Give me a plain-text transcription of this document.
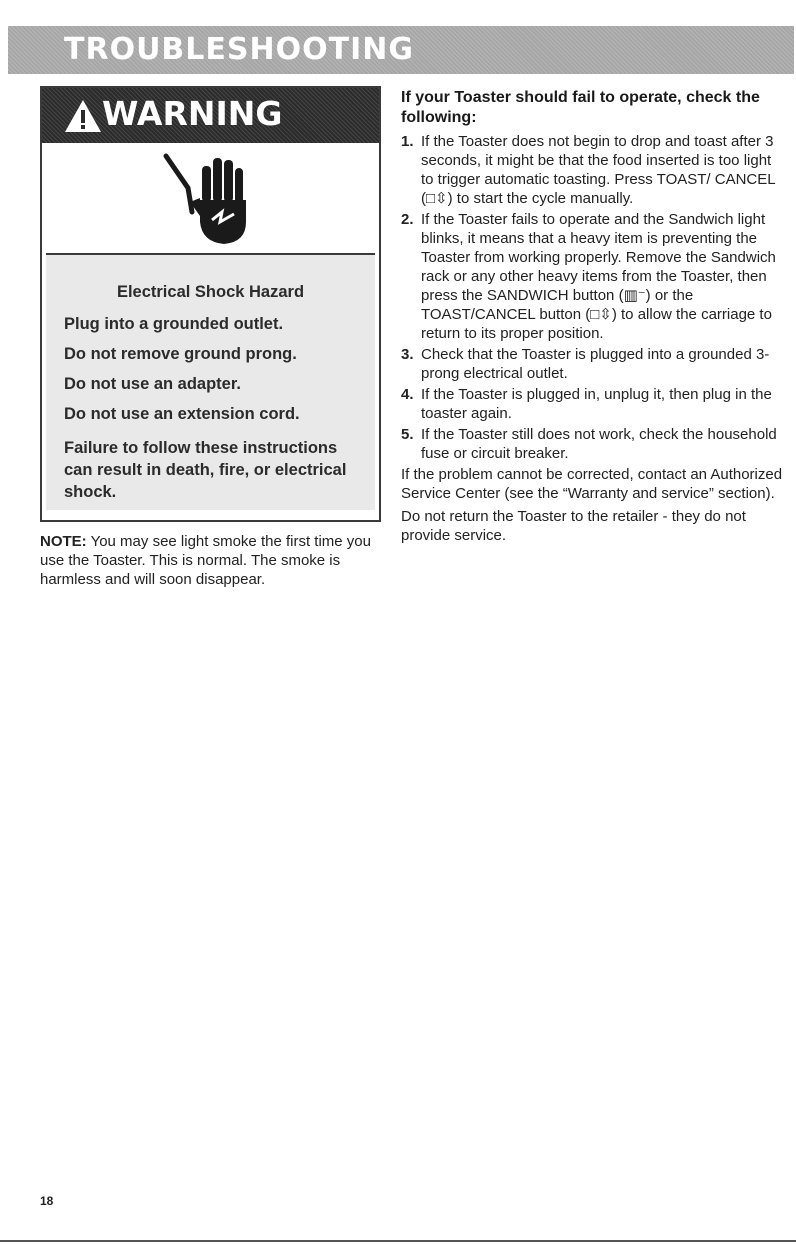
TROUBLESHOOTING
WARNING

Electrical Shock Hazard

Plug into a grounded outlet.

Do not remove ground prong.

Do not use an adapter.

Do not use an extension cord.

Failure to follow these instructions can result in death, fire, or electrical shock.

NOTE: You may see light smoke the first time you use the Toaster. This is normal. The smoke is harmless and will soon disappear.

If your Toaster should fail to operate, check the following:

1. If the Toaster does not begin to drop and toast after 3 seconds, it might be that the food inserted is too light to trigger automatic toasting. Press TOAST/ CANCEL (□⇳) to start the cycle manually.
2. If the Toaster fails to operate and the Sandwich light blinks, it means that a heavy item is preventing the Toaster from working properly. Remove the Sandwich rack or any other heavy items from the Toaster, then press the SANDWICH button (▥⁻) or the TOAST/CANCEL button (□⇳) to allow the carriage to return to its proper position.
3. Check that the Toaster is plugged into a grounded 3-prong electrical outlet.
4. If the Toaster is plugged in, unplug it, then plug in the toaster again.
5. If the Toaster still does not work, check the household fuse or circuit breaker.

If the problem cannot be corrected, contact an Authorized Service Center (see the “Warranty and service” section).

Do not return the Toaster to the retailer - they do not provide service.

18
